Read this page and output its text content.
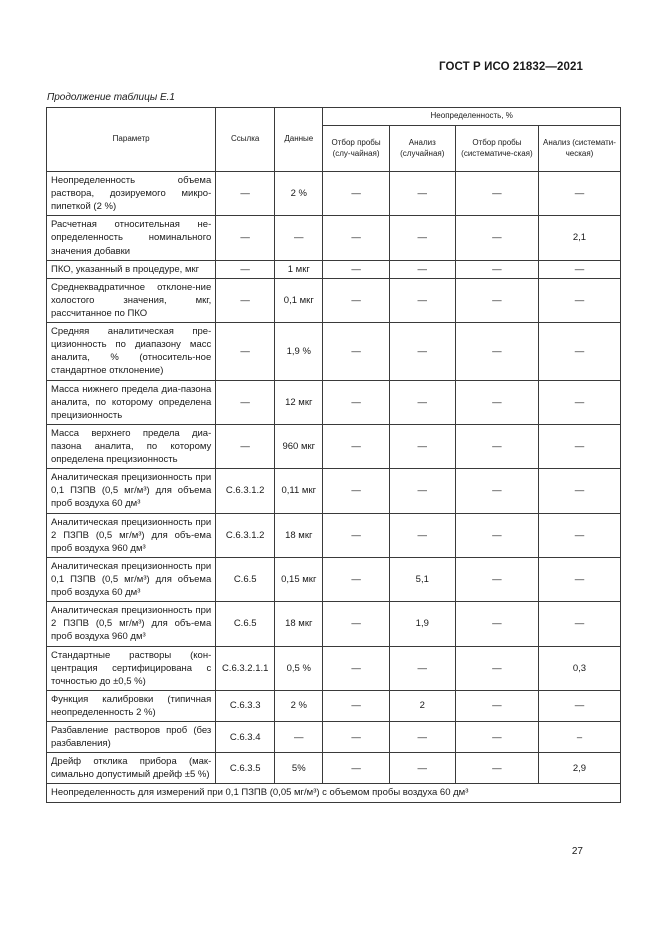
ГОСТ Р ИСО 21832—2021
Продолжение таблицы Е.1
Параметр	Ссылка	Данные	Неопределенность, %			
			Отбор пробы (слу-чайная)	Анализ (случайная)	Отбор пробы (систематиче-ская)	Анализ (системати-ческая)
Неопределенность объема раствора, дозируемого микро-пипеткой (2 %)	—	2 %	—	—	—	—
Расчетная относительная не-определенность номинального значения добавки	—	—	—	—	—	2,1
ПКО, указанный в процедуре, мкг	—	1 мкг	—	—	—	—
Среднеквадратичное отклоне-ние холостого значения, мкг, рассчитанное по ПКО	—	0,1 мкг	—	—	—	—
Средняя аналитическая пре-цизионность по диапазону масс аналита, % (относитель-ное стандартное отклонение)	—	1,9 %	—	—	—	—
Масса нижнего предела диа-пазона аналита, по которому определена прецизионность	—	12 мкг	—	—	—	—
Масса верхнего предела диа-пазона аналита, по которому определена прецизионность	—	960 мкг	—	—	—	—
Аналитическая прецизионность при 0,1 ПЗПВ (0,5 мг/м³) для объема проб воздуха 60 дм³	С.6.3.1.2	0,11 мкг	—	—	—	—
Аналитическая прецизионность при 2 ПЗПВ (0,5 мг/м³) для объ-ема проб воздуха 960 дм³	С.6.3.1.2	18 мкг	—	—	—	—
Аналитическая прецизионность при 0,1 ПЗПВ (0,5 мг/м³) для объема проб воздуха 60 дм³	С.6.5	0,15 мкг	—	5,1	—	—
Аналитическая прецизионность при 2 ПЗПВ (0,5 мг/м³) для объ-ема проб воздуха 960 дм³	С.6.5	18 мкг	—	1,9	—	—
Стандартные растворы (кон-центрация сертифицирована с точностью до ±0,5 %)	С.6.3.2.1.1	0,5 %	—	—	—	0,3
Функция калибровки (типичная неопределенность 2 %)	С.6.3.3	2 %	—	2	—	—
Разбавление растворов проб (без разбавления)	С.6.3.4	—	—	—	—	–
Дрейф отклика прибора (мак-симально допустимый дрейф ±5 %)	С.6.3.5	5%	—	—	—	2,9
Неопределенность для измерений при 0,1 ПЗПВ (0,05 мг/м³) с объемом пробы воздуха 60 дм³						
27
